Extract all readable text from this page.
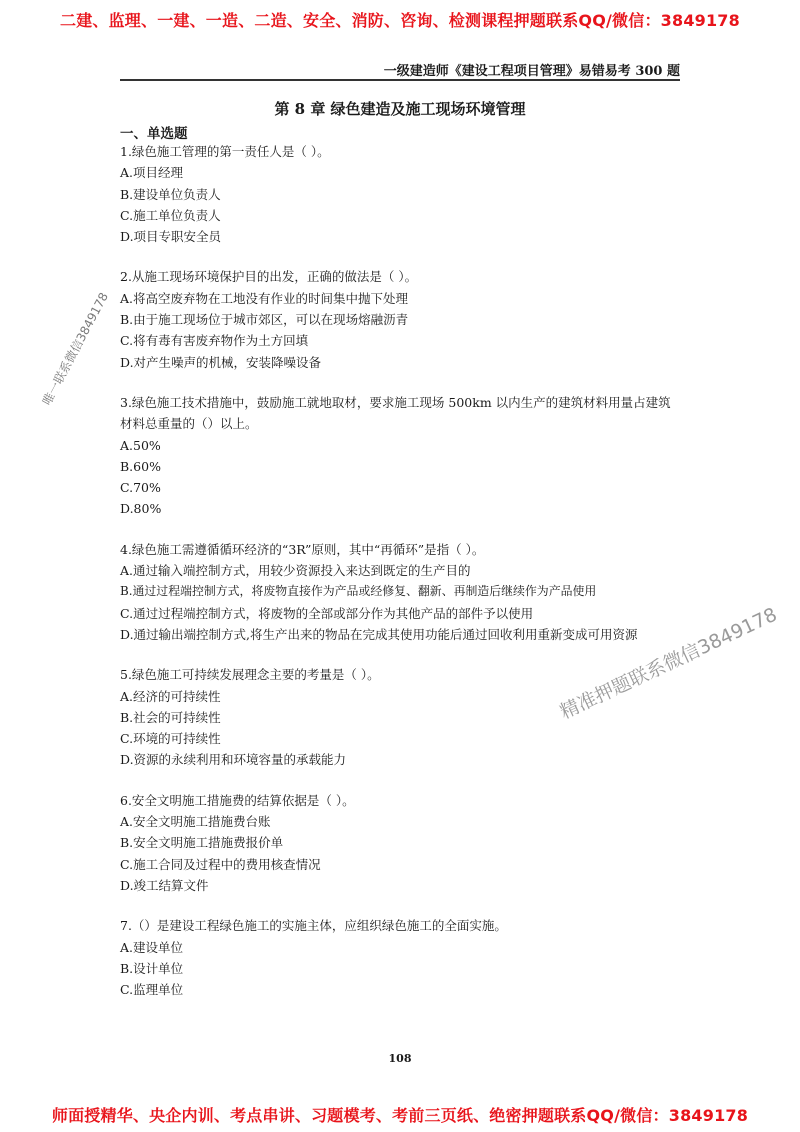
二建、监理、一建、一造、二造、安全、消防、咨询、检测课程押题联系QQ/微信：3849178
一级建造师《建设工程项目管理》易错易考 300 题
第 8 章 绿色建造及施工现场环境管理
一、单选题
1.绿色施工管理的第一责任人是（ ）。
A.项目经理
B.建设单位负责人
C.施工单位负责人
D.项目专职安全员
2.从施工现场环境保护目的出发，正确的做法是（ ）。
A.将高空废弃物在工地没有作业的时间集中抛下处理
B.由于施工现场位于城市郊区，可以在现场熔融沥青
C.将有毒有害废弃物作为土方回填
D.对产生噪声的机械，安装降噪设备
3.绿色施工技术措施中，鼓励施工就地取材，要求施工现场 500km 以内生产的建筑材料用量占建筑材料总重量的（）以上。
A.50%
B.60%
C.70%
D.80%
4.绿色施工需遵循循环经济的“3R”原则，其中“再循环”是指（ ）。
A.通过输入端控制方式，用较少资源投入来达到既定的生产目的
B.通过过程端控制方式，将废物直接作为产品或经修复、翻新、再制造后继续作为产品使用
C.通过过程端控制方式，将废物的全部或部分作为其他产品的部件予以使用
D.通过输出端控制方式,将生产出来的物品在完成其使用功能后通过回收利用重新变成可用资源
5.绿色施工可持续发展理念主要的考量是（ ）。
A.经济的可持续性
B.社会的可持续性
C.环境的可持续性
D.资源的永续利用和环境容量的承载能力
6.安全文明施工措施费的结算依据是（ ）。
A.安全文明施工措施费台账
B.安全文明施工措施费报价单
C.施工合同及过程中的费用核查情况
D.竣工结算文件
7.（）是建设工程绿色施工的实施主体，应组织绿色施工的全面实施。
A.建设单位
B.设计单位
C.监理单位
108
唯一联系微信3849178
精准押题联系微信3849178
师面授精华、央企内训、考点串讲、习题模考、考前三页纸、绝密押题联系QQ/微信：3849178
